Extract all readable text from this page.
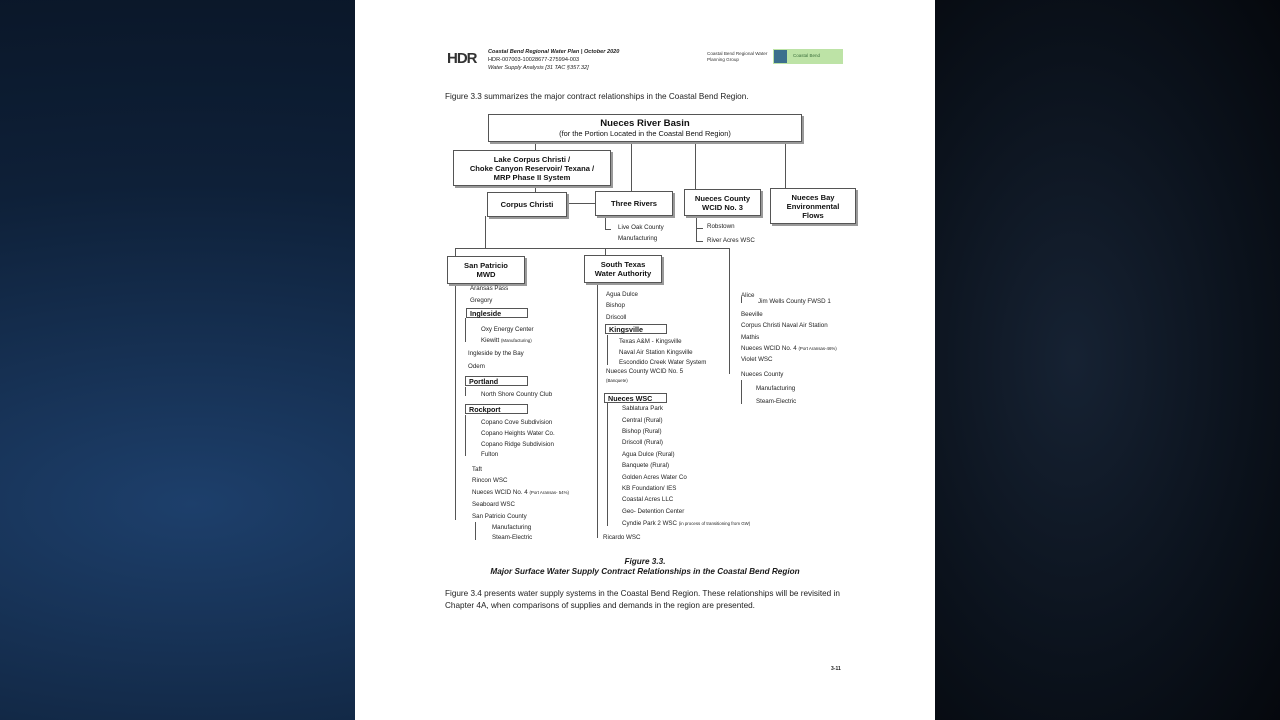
HDR Coastal Bend Regional Water Plan | October 2020
HDR-007003-10028677-275994-003
Water Supply Analysis [31 TAC §357.32]
Coastal Bend Regional Water Planning Group
Coastal Bend
Figure 3.3 summarizes the major contract relationships in the Coastal Bend Region.
Nueces River Basin
(for the Portion Located in the Coastal Bend Region)
Lake Corpus Christi /
Choke Canyon Reservoir/ Texana /
MRP Phase II System
Corpus Christi	Three Rivers
Nueces County
WCID No. 3
Nueces Bay
Environmental
Flows
San Patricio
MWD
South Texas
Water Authority
Ingleside
Portland
Rockport
Kingsville
Nueces WSC
Live Oak County
Manufacturing
Robstown
River Acres WSC
Aransas Pass
Gregory
Oxy Energy Center
Kiewitt (Manufacturing)
Ingleside by the Bay
Odem
North Shore Country Club
Copano Cove Subdivision
Copano Heights Water Co.
Copano Ridge Subdivision
Fulton
Taft
Rincon WSC
Nueces WCID No. 4 (Port Aransas- 54%)
Seaboard WSC
San Patricio County
Manufacturing
Steam-Electric
Agua Dulce
Bishop
Driscoll
Texas A&M - Kingsville
Naval Air Station Kingsville
Escondido Creek Water System
Nueces County WCID No. 5
(Banquete)
Sablatura Park
Central (Rural)
Bishop (Rural)
Driscoll (Rural)
Agua Dulce (Rural)
Banquete (Rural)
Golden Acres Water Co
KB Foundation/ IES
Coastal Acres LLC
Geo- Detention Center
Cyndie Park 2 WSC (in process of transitioning from GW)
Ricardo WSC
Alice
Jim Wells County FWSD 1
Beeville
Corpus Christi Naval Air Station
Mathis
Nueces WCID No. 4 (Port Aransas-46%)
Violet WSC
Nueces County
Manufacturing
Steam-Electric
Figure 3.3.
Major Surface Water Supply Contract Relationships in the Coastal Bend Region
Figure 3.4 presents water supply systems in the Coastal Bend Region. These relationships will be revisited in Chapter 4A, when comparisons of supplies and demands in the region are presented.
3-11
